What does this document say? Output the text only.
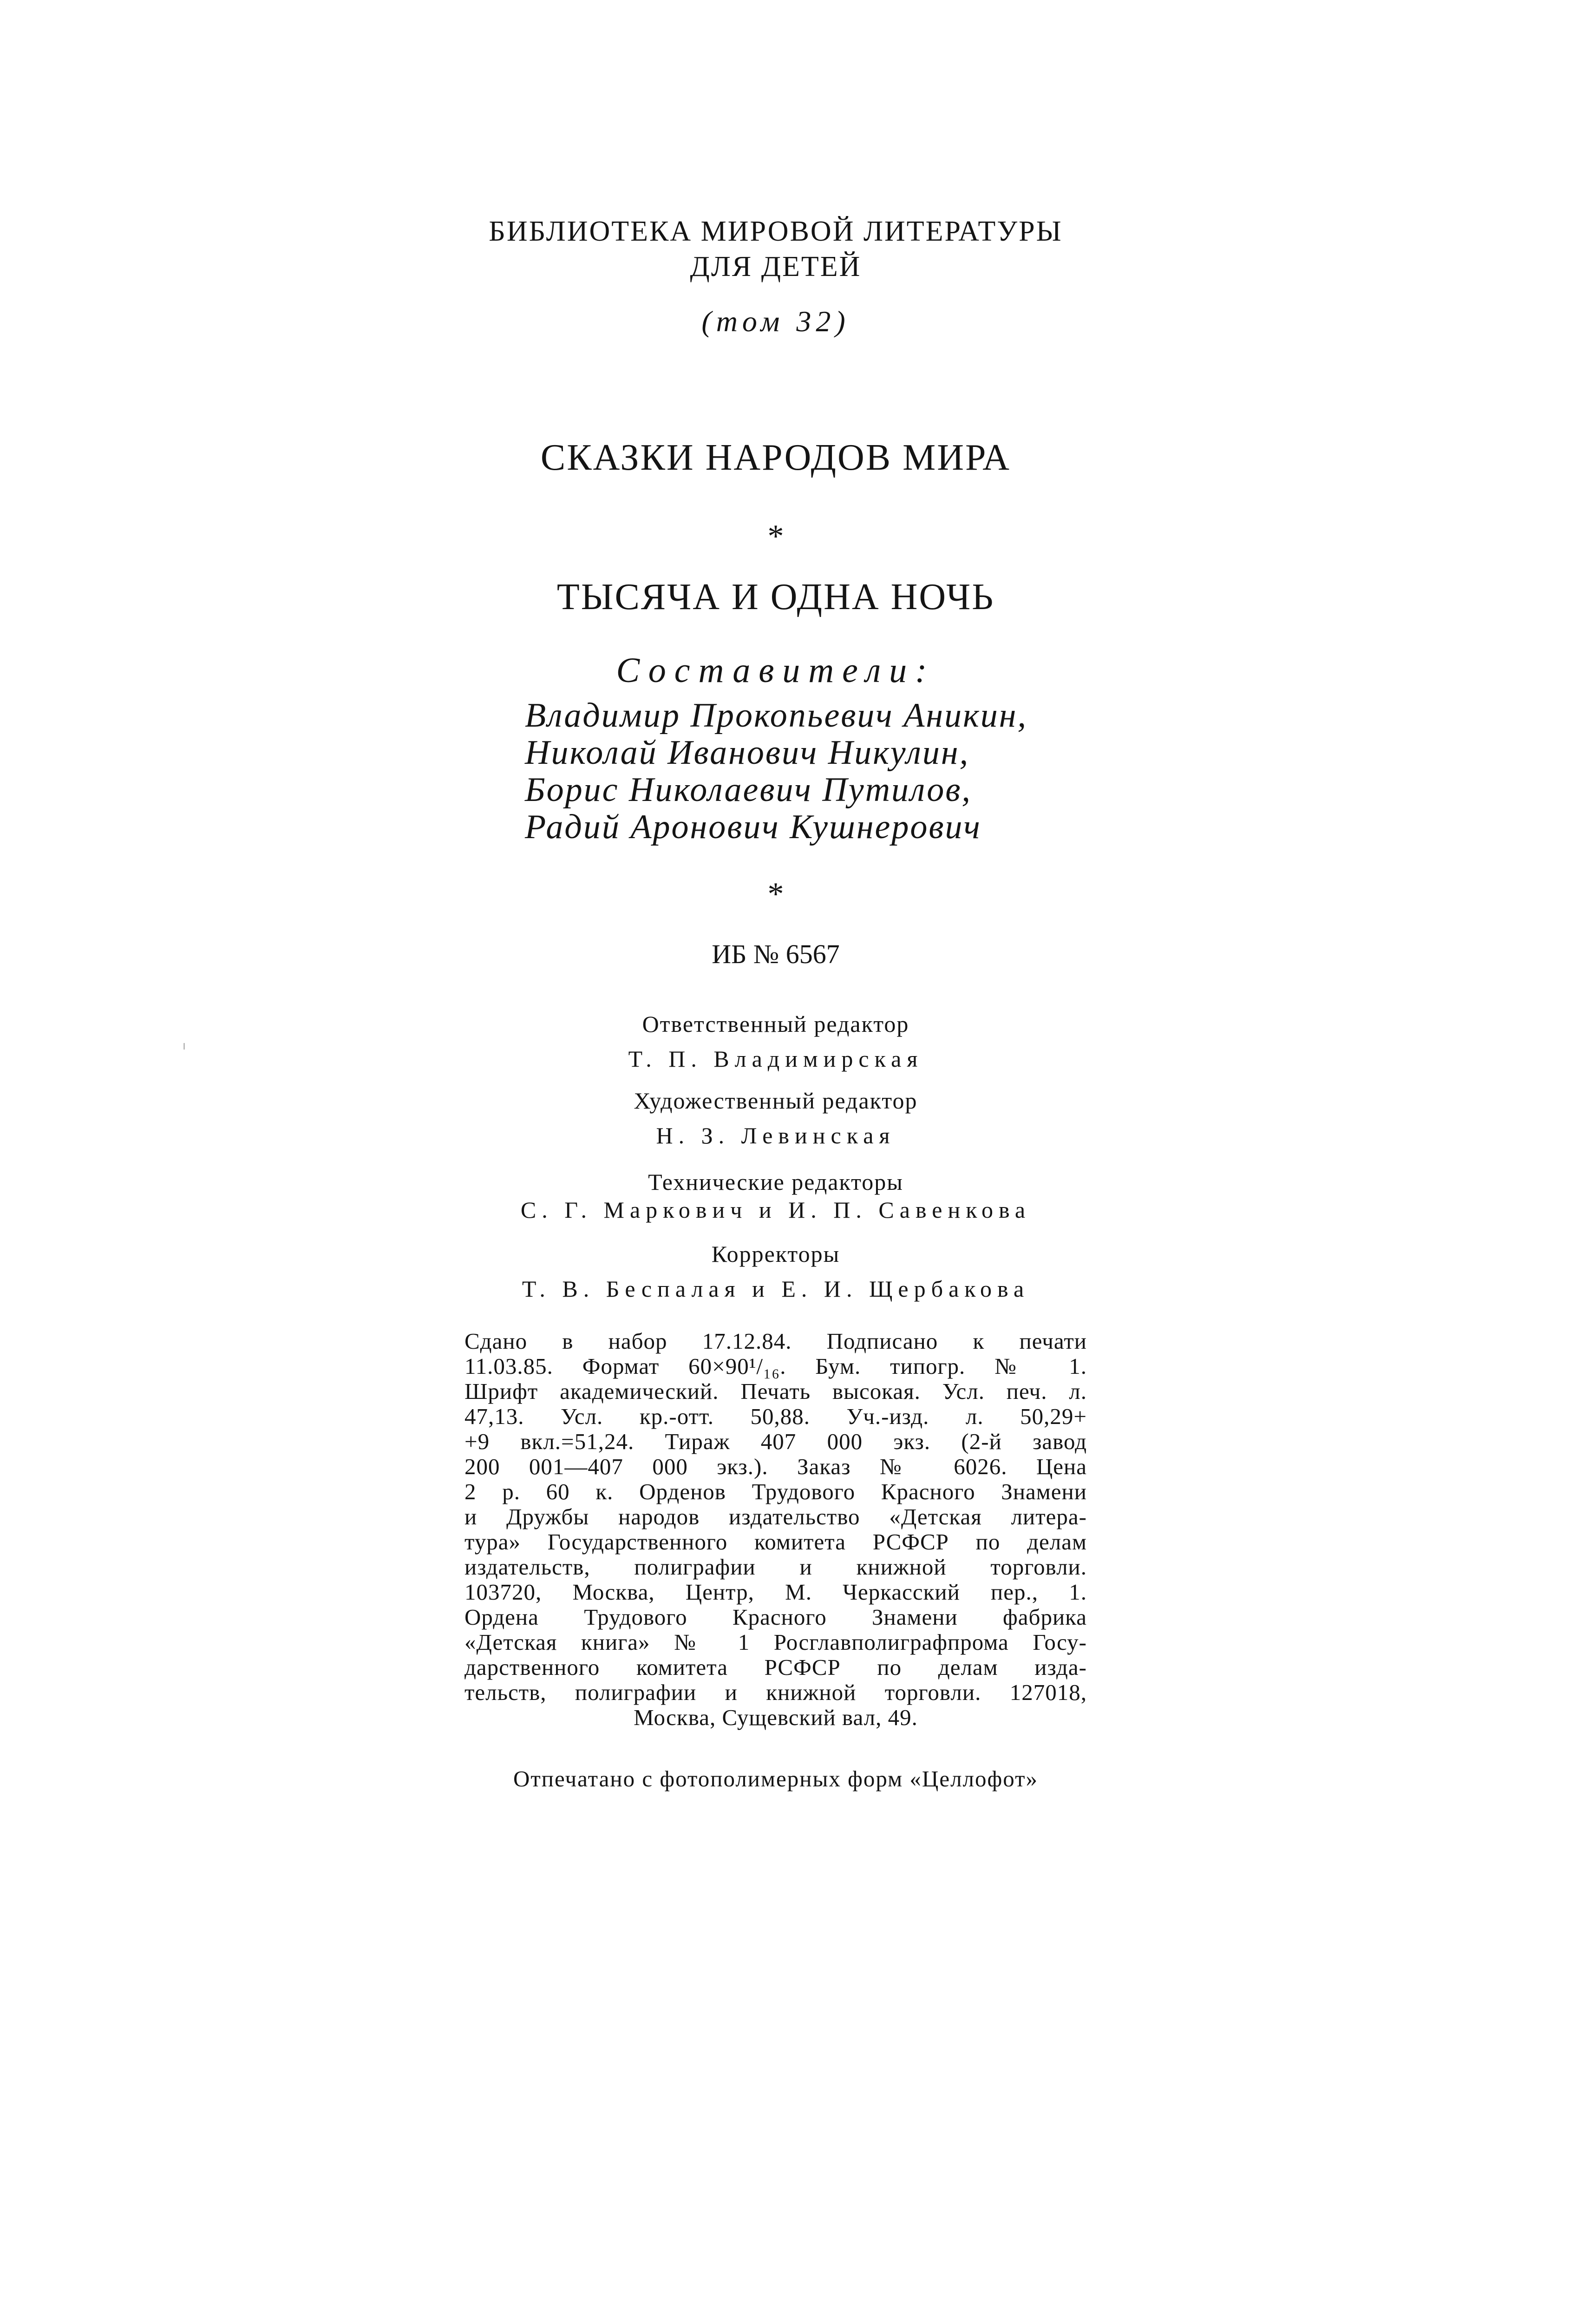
БИБЛИОТЕКА МИРОВОЙ ЛИТЕРАТУРЫ
ДЛЯ ДЕТЕЙ
(том 32)
СКАЗКИ НАРОДОВ МИРА
*
ТЫСЯЧА И ОДНА НОЧЬ
Составители:
Владимир Прокопьевич Аникин,
Николай Иванович Никулин,
Борис Николаевич Путилов,
Радий Аронович Кушнерович
*
ИБ № 6567
Ответственный редактор
Т. П. Владимирская
Художественный редактор
Н. З. Левинская
Технические редакторы
С. Г. Маркович и И. П. Савенкова
Корректоры
Т. В. Беспалая и Е. И. Щербакова
Сдано в набор 17.12.84. Подписано к печати
11.03.85. Формат 60×90¹/₁₆. Бум. типогр. № 1.
Шрифт академический. Печать высокая. Усл. печ. л.
47,13. Усл. кр.-отт. 50,88. Уч.-изд. л. 50,29+
+9 вкл.=51,24. Тираж 407 000 экз. (2-й завод
200 001—407 000 экз.). Заказ № 6026. Цена
2 р. 60 к. Орденов Трудового Красного Знамени
и Дружбы народов издательство «Детская литера-
тура» Государственного комитета РСФСР по делам
издательств, полиграфии и книжной торговли.
103720, Москва, Центр, М. Черкасский пер., 1.
Ордена Трудового Красного Знамени фабрика
«Детская книга» № 1 Росглавполиграфпрома Госу-
дарственного комитета РСФСР по делам изда-
тельств, полиграфии и книжной торговли. 127018,
Москва, Сущевский вал, 49.
Отпечатано с фотополимерных форм «Целлофот»
